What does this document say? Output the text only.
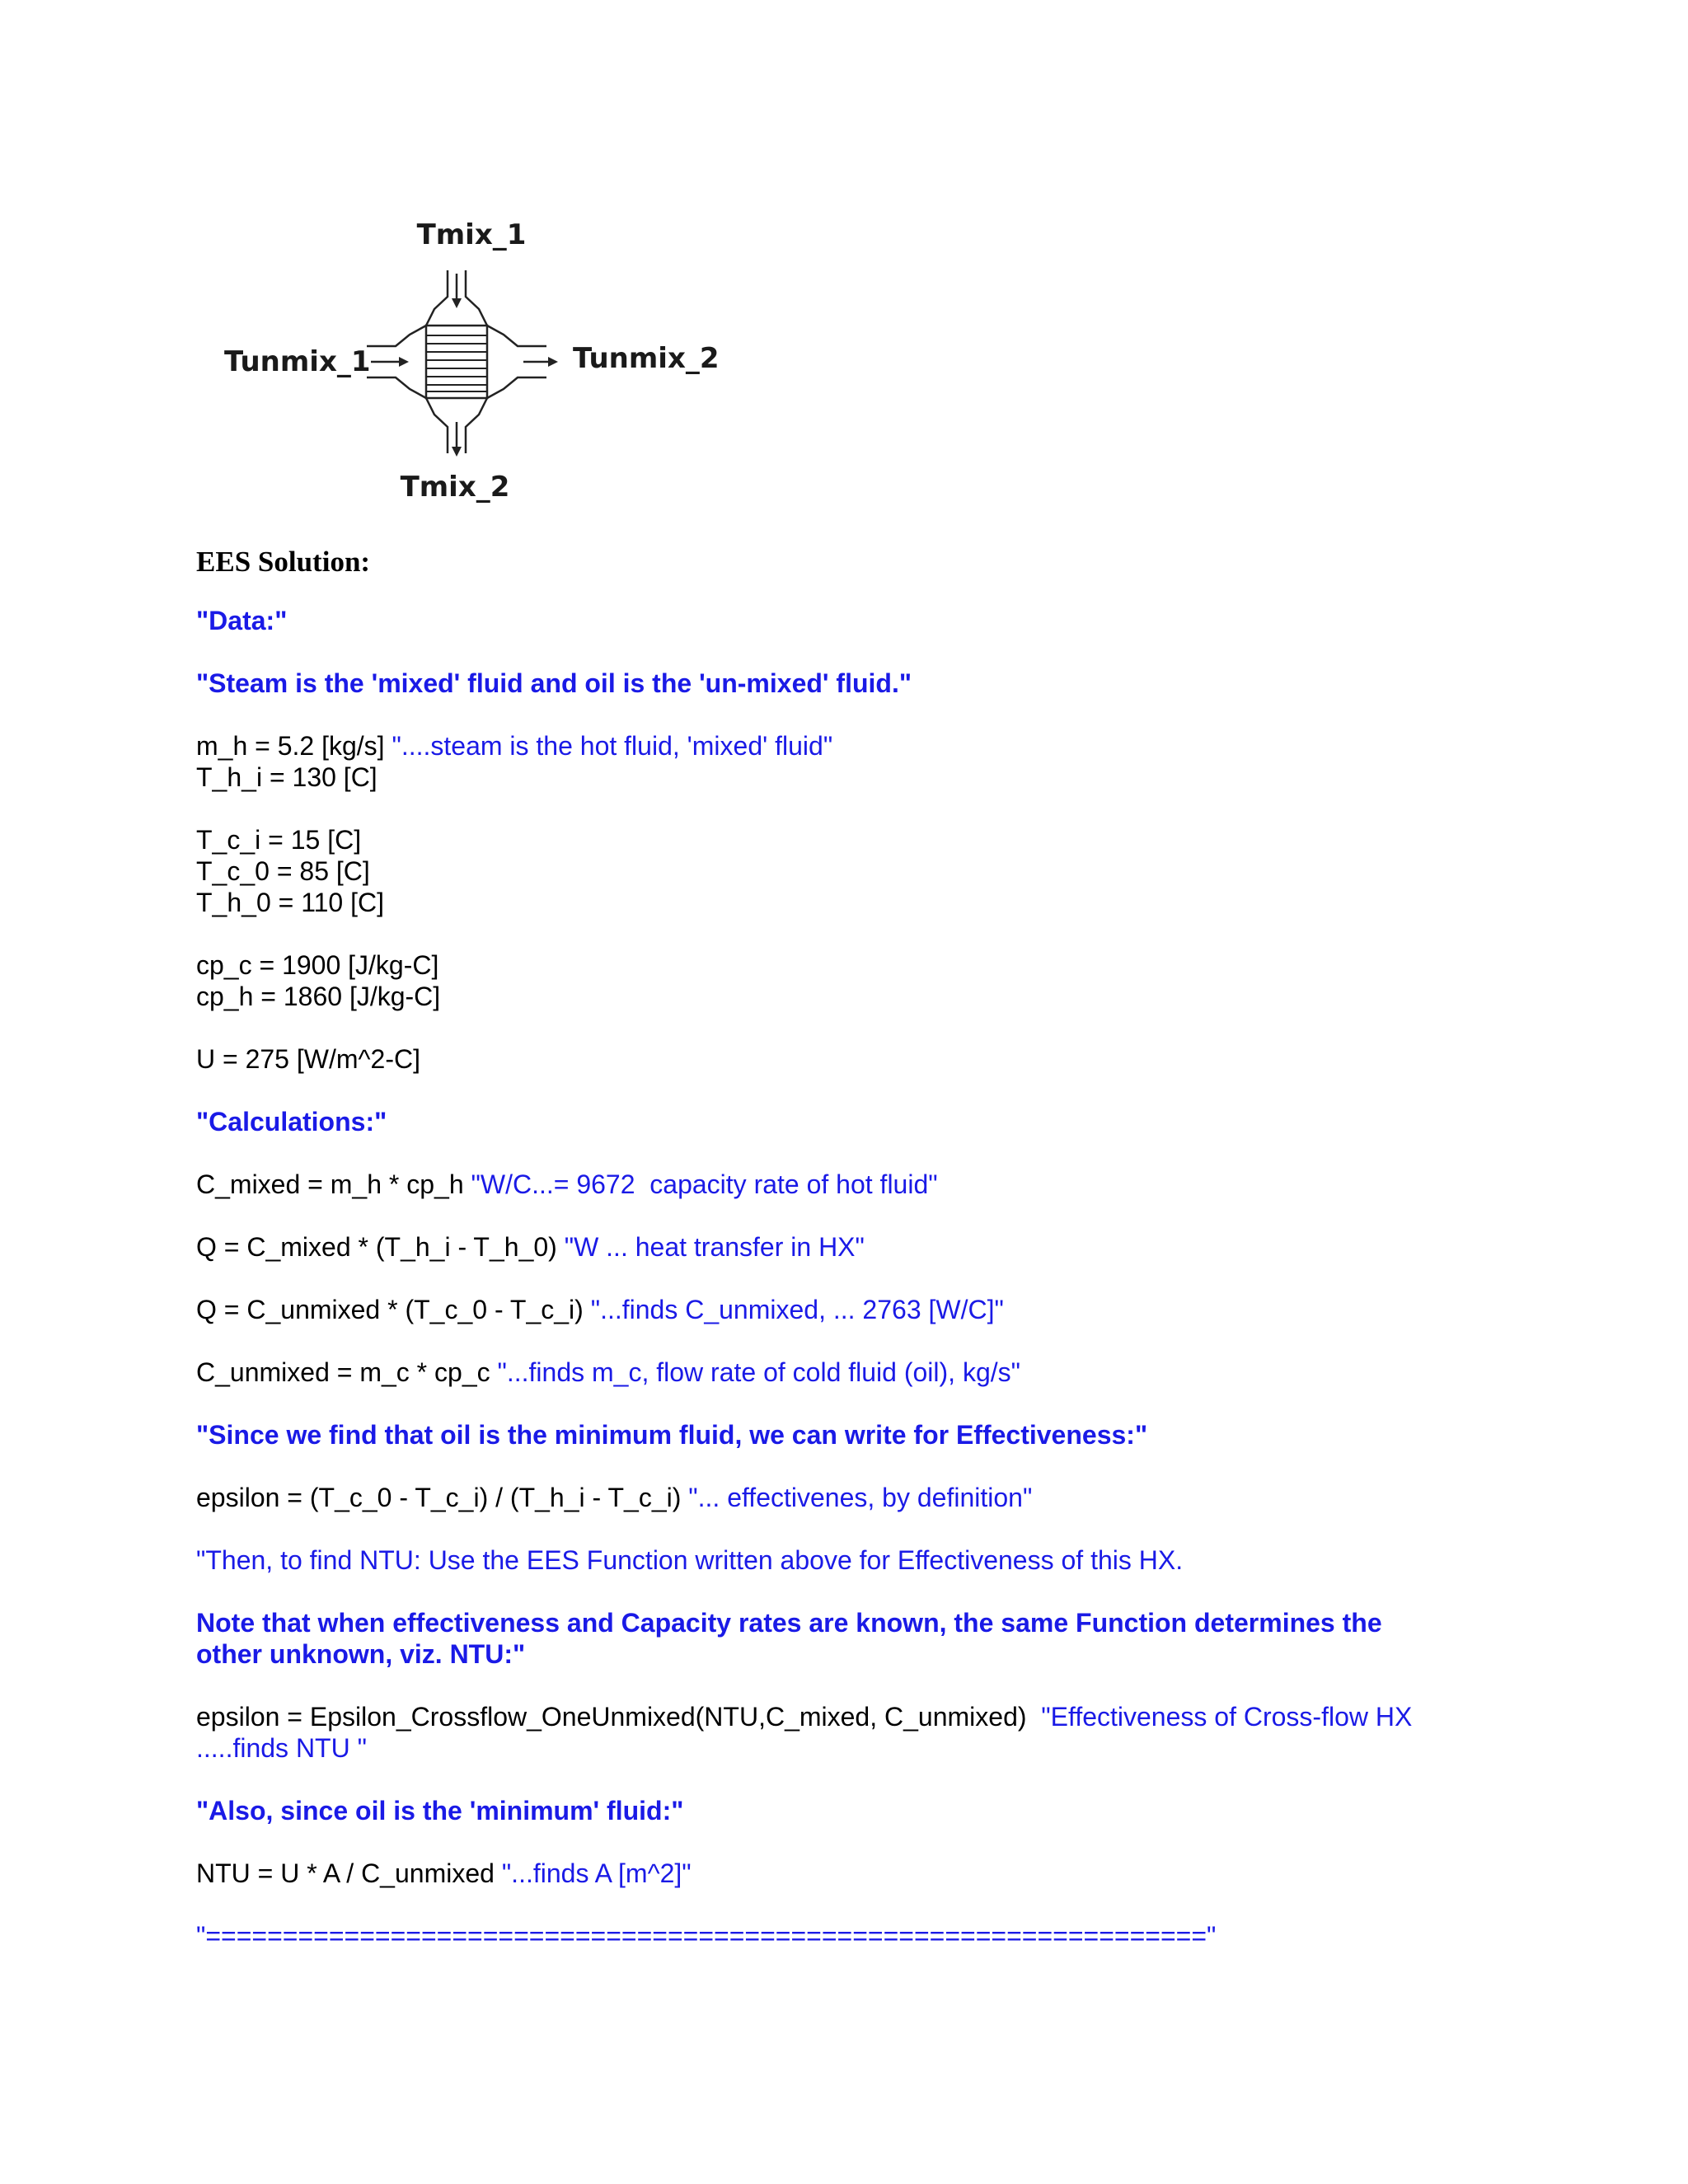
Tmix_1
Tmix_2
Tunmix_1	Tunmix_2
EES Solution:
"Data:"
"Steam is the 'mixed' fluid and oil is the 'un-mixed' fluid."
m_h = 5.2 [kg/s] "....steam is the hot fluid, 'mixed' fluid"
T_h_i = 130 [C]
T_c_i = 15 [C]
T_c_0 = 85 [C]
T_h_0 = 110 [C]
cp_c = 1900 [J/kg-C]
cp_h = 1860 [J/kg-C]
U = 275 [W/m^2-C]
"Calculations:"
C_mixed = m_h * cp_h "W/C...= 9672  capacity rate of hot fluid"
Q = C_mixed * (T_h_i - T_h_0) "W ... heat transfer in HX"
Q = C_unmixed * (T_c_0 - T_c_i) "...finds C_unmixed, ... 2763 [W/C]"
C_unmixed = m_c * cp_c "...finds m_c, flow rate of cold fluid (oil), kg/s"
"Since we find that oil is the minimum fluid, we can write for Effectiveness:"
epsilon = (T_c_0 - T_c_i) / (T_h_i - T_c_i) "... effectivenes, by definition"
"Then, to find NTU: Use the EES Function written above for Effectiveness of this HX.
Note that when effectiveness and Capacity rates are known, the same Function determines the
other unknown, viz. NTU:"
epsilon = Epsilon_Crossflow_OneUnmixed(NTU,C_mixed, C_unmixed)  "Effectiveness of Cross-flow HX
.....finds NTU "
"Also, since oil is the 'minimum' fluid:"
NTU = U * A / C_unmixed "...finds A [m^2]"
"================================================================="
